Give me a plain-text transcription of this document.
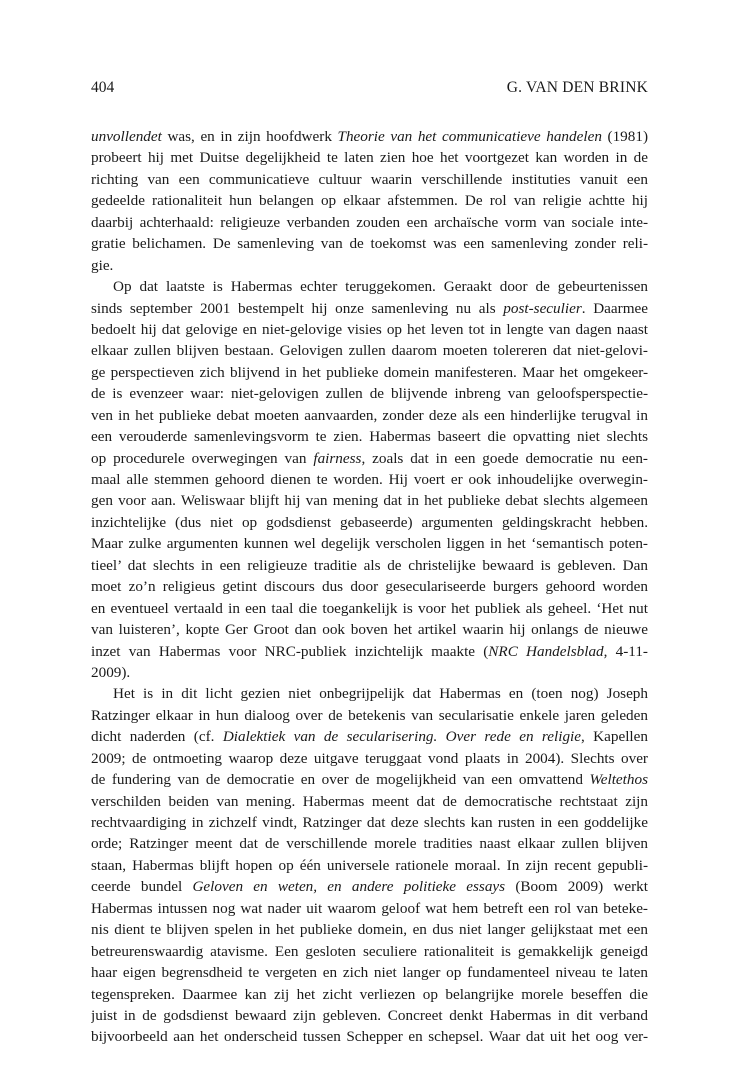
404	G. VAN DEN BRINK
unvollendet was, en in zijn hoofdwerk Theorie van het communicatieve handelen (1981)
probeert hij met Duitse degelijkheid te laten zien hoe het voortgezet kan worden in de
richting van een communicatieve cultuur waarin verschillende instituties vanuit een
gedeelde rationaliteit hun belangen op elkaar afstemmen. De rol van religie achtte hij
daarbij achterhaald: religieuze verbanden zouden een archaïsche vorm van sociale inte-
gratie belichamen. De samenleving van de toekomst was een samenleving zonder reli-
gie.
Op dat laatste is Habermas echter teruggekomen. Geraakt door de gebeurtenissen
sinds september 2001 bestempelt hij onze samenleving nu als post-seculier. Daarmee
bedoelt hij dat gelovige en niet-gelovige visies op het leven tot in lengte van dagen naast
elkaar zullen blijven bestaan. Gelovigen zullen daarom moeten tolereren dat niet-gelovi-
ge perspectieven zich blijvend in het publieke domein manifesteren. Maar het omgekeer-
de is evenzeer waar: niet-gelovigen zullen de blijvende inbreng van geloofsperspectie-
ven in het publieke debat moeten aanvaarden, zonder deze als een hinderlijke terugval in
een verouderde samenlevingsvorm te zien. Habermas baseert die opvatting niet slechts
op procedurele overwegingen van fairness, zoals dat in een goede democratie nu een-
maal alle stemmen gehoord dienen te worden. Hij voert er ook inhoudelijke overwegin-
gen voor aan. Weliswaar blijft hij van mening dat in het publieke debat slechts algemeen
inzichtelijke (dus niet op godsdienst gebaseerde) argumenten geldingskracht hebben.
Maar zulke argumenten kunnen wel degelijk verscholen liggen in het ‘semantisch poten-
tieel’ dat slechts in een religieuze traditie als de christelijke bewaard is gebleven. Dan
moet zo’n religieus getint discours dus door geseculariseerde burgers gehoord worden
en eventueel vertaald in een taal die toegankelijk is voor het publiek als geheel. ‘Het nut
van luisteren’, kopte Ger Groot dan ook boven het artikel waarin hij onlangs de nieuwe
inzet van Habermas voor NRC-publiek inzichtelijk maakte (NRC Handelsblad, 4-11-
2009).
Het is in dit licht gezien niet onbegrijpelijk dat Habermas en (toen nog) Joseph
Ratzinger elkaar in hun dialoog over de betekenis van secularisatie enkele jaren geleden
dicht naderden (cf. Dialektiek van de secularisering. Over rede en religie, Kapellen
2009; de ontmoeting waarop deze uitgave teruggaat vond plaats in 2004). Slechts over
de fundering van de democratie en over de mogelijkheid van een omvattend Weltethos
verschilden beiden van mening. Habermas meent dat de democratische rechtstaat zijn
rechtvaardiging in zichzelf vindt, Ratzinger dat deze slechts kan rusten in een goddelijke
orde; Ratzinger meent dat de verschillende morele tradities naast elkaar zullen blijven
staan, Habermas blijft hopen op één universele rationele moraal. In zijn recent gepubli-
ceerde bundel Geloven en weten, en andere politieke essays (Boom 2009) werkt
Habermas intussen nog wat nader uit waarom geloof wat hem betreft een rol van beteke-
nis dient te blijven spelen in het publieke domein, en dus niet langer gelijkstaat met een
betreurenswaardig atavisme. Een gesloten seculiere rationaliteit is gemakkelijk geneigd
haar eigen begrensdheid te vergeten en zich niet langer op fundamenteel niveau te laten
tegenspreken. Daarmee kan zij het zicht verliezen op belangrijke morele beseffen die
juist in de godsdienst bewaard zijn gebleven. Concreet denkt Habermas in dit verband
bijvoorbeeld aan het onderscheid tussen Schepper en schepsel. Waar dat uit het oog ver-
